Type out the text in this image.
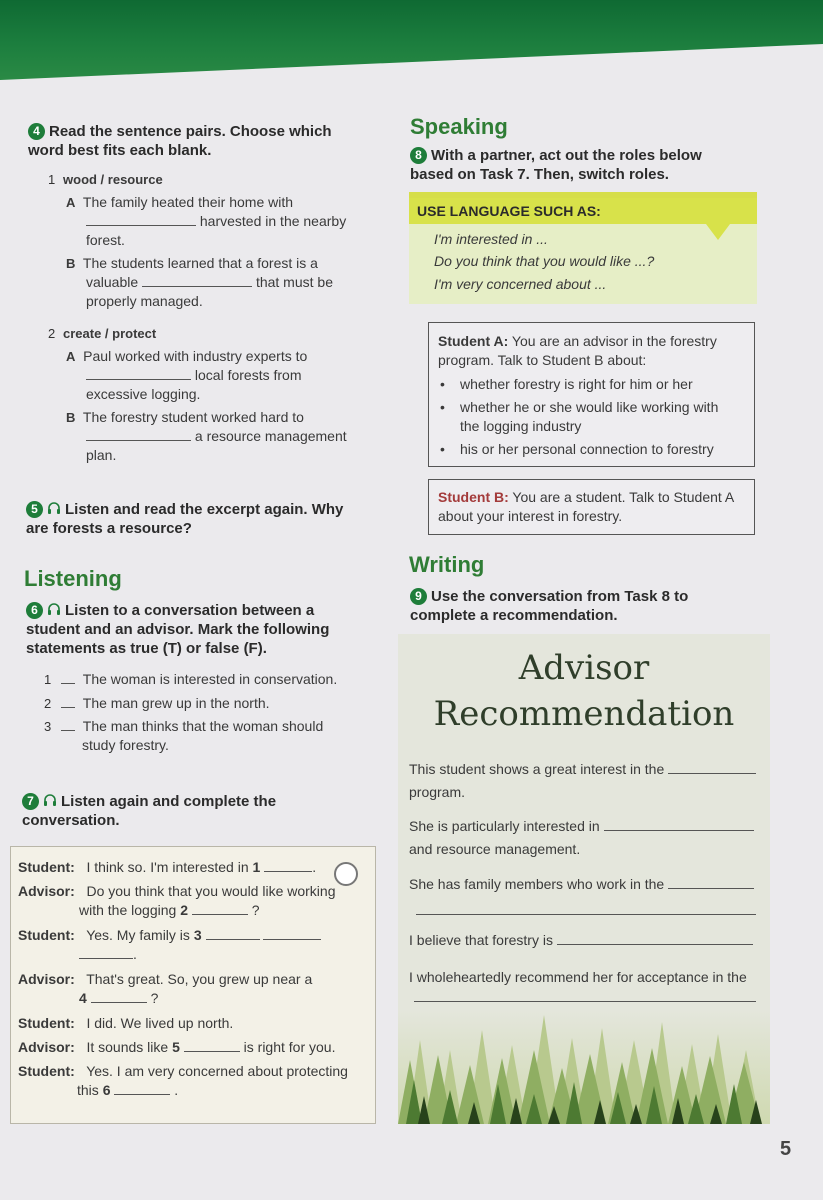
4 Read the sentence pairs. Choose which word best fits each blank.
1 wood / resource
A The family heated their home with
harvested in the nearby
forest.
B The students learned that a forest is a
valuable	that must be
properly managed.
2 create / protect
A Paul worked with industry experts to
local forests from
excessive logging.
B The forestry student worked hard to
a resource management
plan.
5 Listen and read the excerpt again. Why are forests a resource?
Listening
6 Listen to a conversation between a student and an advisor. Mark the following statements as true (T) or false (F).
1 The woman is interested in conservation.
2 The man grew up in the north.
3 The man thinks that the woman should
study forestry.
7 Listen again and complete the conversation.
Student: I think so. I'm interested in 1	.
Advisor: Do you think that you would like working
with the logging 2	?
Student: Yes. My family is 3
.
Advisor: That's great. So, you grew up near a
4	?
Student: I did. We lived up north.
Advisor: It sounds like 5	is right for you.
Student: Yes. I am very concerned about protecting
this 6	.
Speaking
8 With a partner, act out the roles below based on Task 7. Then, switch roles.
USE LANGUAGE SUCH AS:
I'm interested in ...
Do you think that you would like ...?
I'm very concerned about ...
Student A: You are an advisor in the forestry program. Talk to Student B about:
• whether forestry is right for him or her
• whether he or she would like working with the logging industry
• his or her personal connection to forestry
Student B: You are a student. Talk to Student A about your interest in forestry.
Writing
9 Use the conversation from Task 8 to complete a recommendation.
Advisor
Recommendation
This student shows a great interest in the
program.
She is particularly interested in
and resource management.
She has family members who work in the
I believe that forestry is
I wholeheartedly recommend her for acceptance in the
5
